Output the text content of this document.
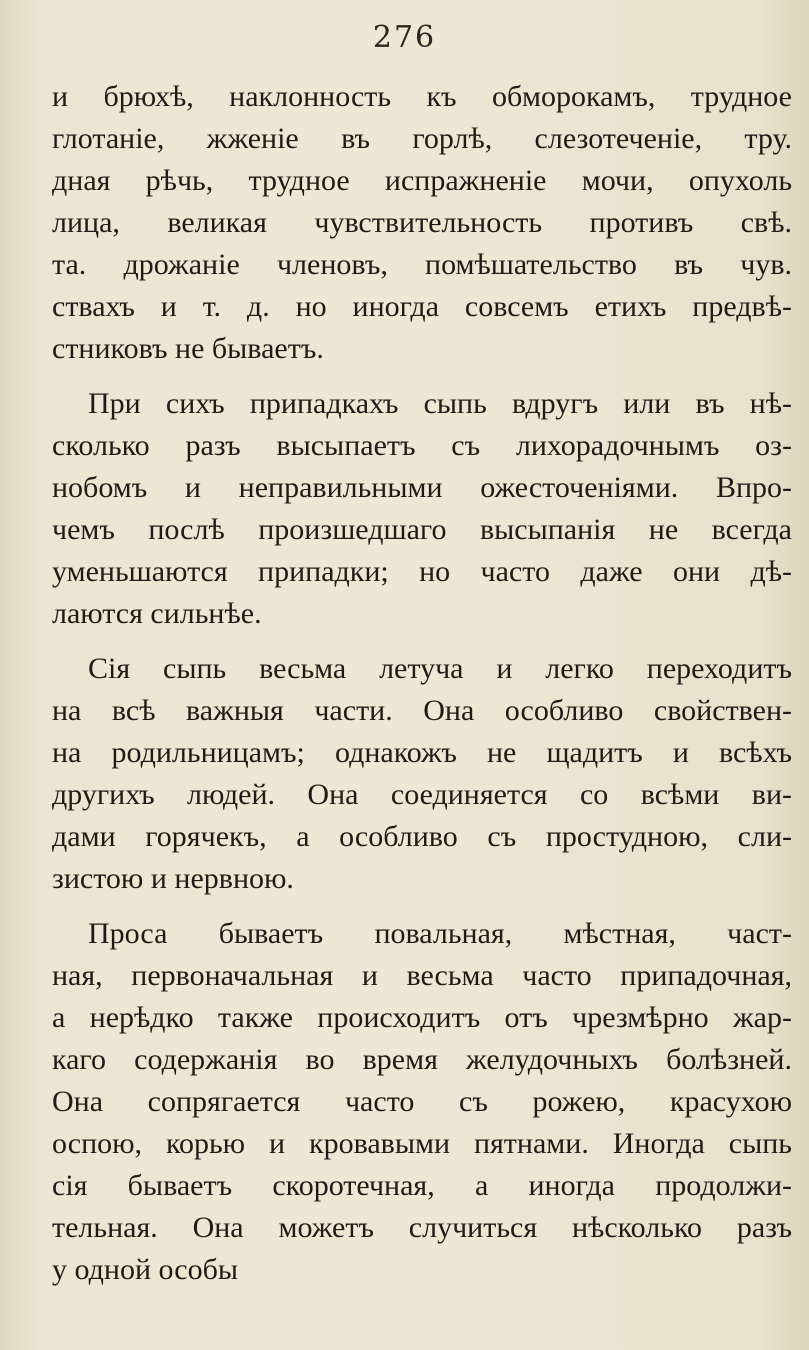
276
и брюхѣ, наклонность къ обморокамъ, трудное
глотаніе, жженіе въ горлѣ, слезотеченіе, тру.
дная рѣчь, трудное испражненіе мочи, опухоль
лица, великая чувствительность противъ свѣ.
та. дрожаніе членовъ, помѣшательство въ чув.
ствахъ и т. д. но иногда совсемъ етихъ предвѣ-
стниковъ не бываетъ.
При сихъ припадкахъ сыпь вдругъ или въ нѣ-
сколько разъ высыпаетъ съ лихорадочнымъ оз-
нобомъ и неправильными ожесточеніями. Впро-
чемъ послѣ произшедшаго высыпанія не всегда
уменьшаются припадки; но часто даже они дѣ-
лаются сильнѣе.
Сія сыпь весьма летуча и легко переходитъ
на всѣ важныя части. Она особливо свойствен-
на родильницамъ; однакожъ не щадитъ и всѣхъ
другихъ людей. Она соединяется со всѣми ви-
дами горячекъ, а особливо съ простудною, сли-
зистою и нервною.
Проса бываетъ повальная, мѣстная, част-
ная, первоначальная и весьма часто припадочная,
а нерѣдко также происходитъ отъ чрезмѣрно жар-
каго содержанія во время желудочныхъ болѣзней.
Она сопрягается часто съ рожею, красухою
оспою, корью и кровавыми пятнами. Иногда сыпь
сія бываетъ скоротечная, а иногда продолжи-
тельная. Она можетъ случиться нѣсколько разъ
у одной особы
